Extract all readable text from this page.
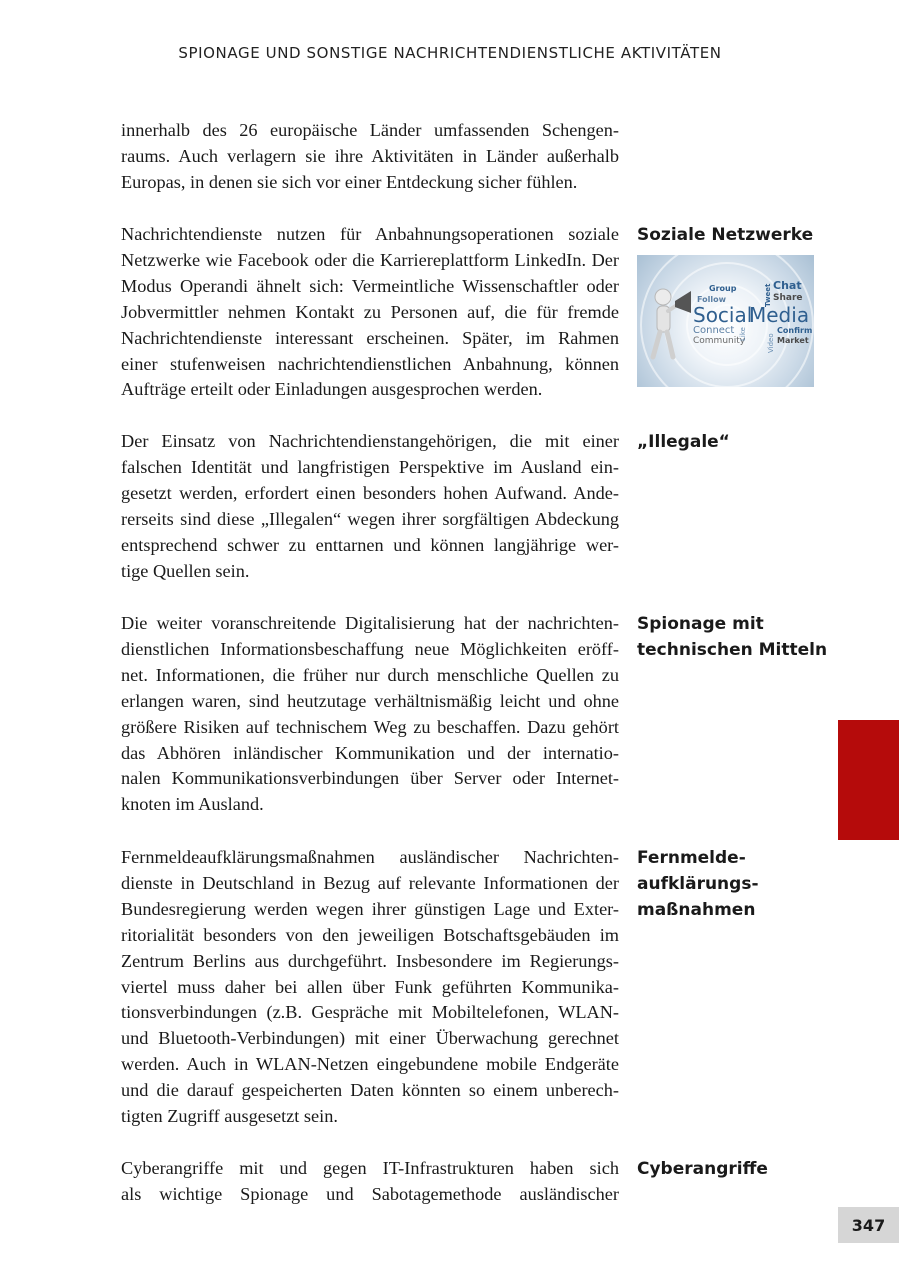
SPIONAGE UND SONSTIGE NACHRICHTENDIENSTLICHE AKTIVITÄTEN
innerhalb des 26 europäische Länder umfassenden Schengen-
raums. Auch verlagern sie ihre Aktivitäten in Länder außerhalb
Europas, in denen sie sich vor einer Entdeckung sicher fühlen.
Nachrichtendienste nutzen für Anbahnungsoperationen soziale
Netzwerke wie Facebook oder die Karriereplattform LinkedIn. Der
Modus Operandi ähnelt sich: Vermeintliche Wissenschaftler oder
Jobvermittler nehmen Kontakt zu Personen auf, die für fremde
Nachrichtendienste interessant erscheinen. Später, im Rahmen
einer stufenweisen nachrichtendienstlichen Anbahnung, können
Aufträge erteilt oder Einladungen ausgesprochen werden.
Der Einsatz von Nachrichtendienstangehörigen, die mit einer
falschen Identität und langfristigen Perspektive im Ausland ein-
gesetzt werden, erfordert einen besonders hohen Aufwand. Ande-
rerseits sind diese „Illegalen“ wegen ihrer sorgfältigen Abdeckung
entsprechend schwer zu enttarnen und können langjährige wer-
tige Quellen sein.
Die weiter voranschreitende Digitalisierung hat der nachrichten-
dienstlichen Informationsbeschaffung neue Möglichkeiten eröff-
net. Informationen, die früher nur durch menschliche Quellen zu
erlangen waren, sind heutzutage verhältnismäßig leicht und ohne
größere Risiken auf technischem Weg zu beschaffen. Dazu gehört
das Abhören inländischer Kommunikation und der internatio-
nalen Kommunikationsverbindungen über Server oder Internet-
knoten im Ausland.
Fernmeldeaufklärungsmaßnahmen ausländischer Nachrichten-
dienste in Deutschland in Bezug auf relevante Informationen der
Bundesregierung werden wegen ihrer günstigen Lage und Exter-
ritorialität besonders von den jeweiligen Botschaftsgebäuden im
Zentrum Berlins aus durchgeführt. Insbesondere im Regierungs-
viertel muss daher bei allen über Funk geführten Kommunika-
tionsverbindungen (z.B. Gespräche mit Mobiltelefonen, WLAN-
und Bluetooth-Verbindungen) mit einer Überwachung gerechnet
werden. Auch in WLAN-Netzen eingebundene mobile Endgeräte
und die darauf gespeicherten Daten könnten so einem unberech-
tigten Zugriff ausgesetzt sein.
Cyberangriffe mit und gegen IT-Infrastrukturen haben sich
als wichtige Spionage und Sabotagemethode ausländischer
Soziale Netzwerke
Group
Follow
Social
Media
Connect
Community
Chat
Share
Tweet
Confirm
Market
Like	Video
„Illegale“
Spionage mit
technischen Mitteln
Fernmelde-
aufklärungs-
maßnahmen
Cyberangriffe
347
